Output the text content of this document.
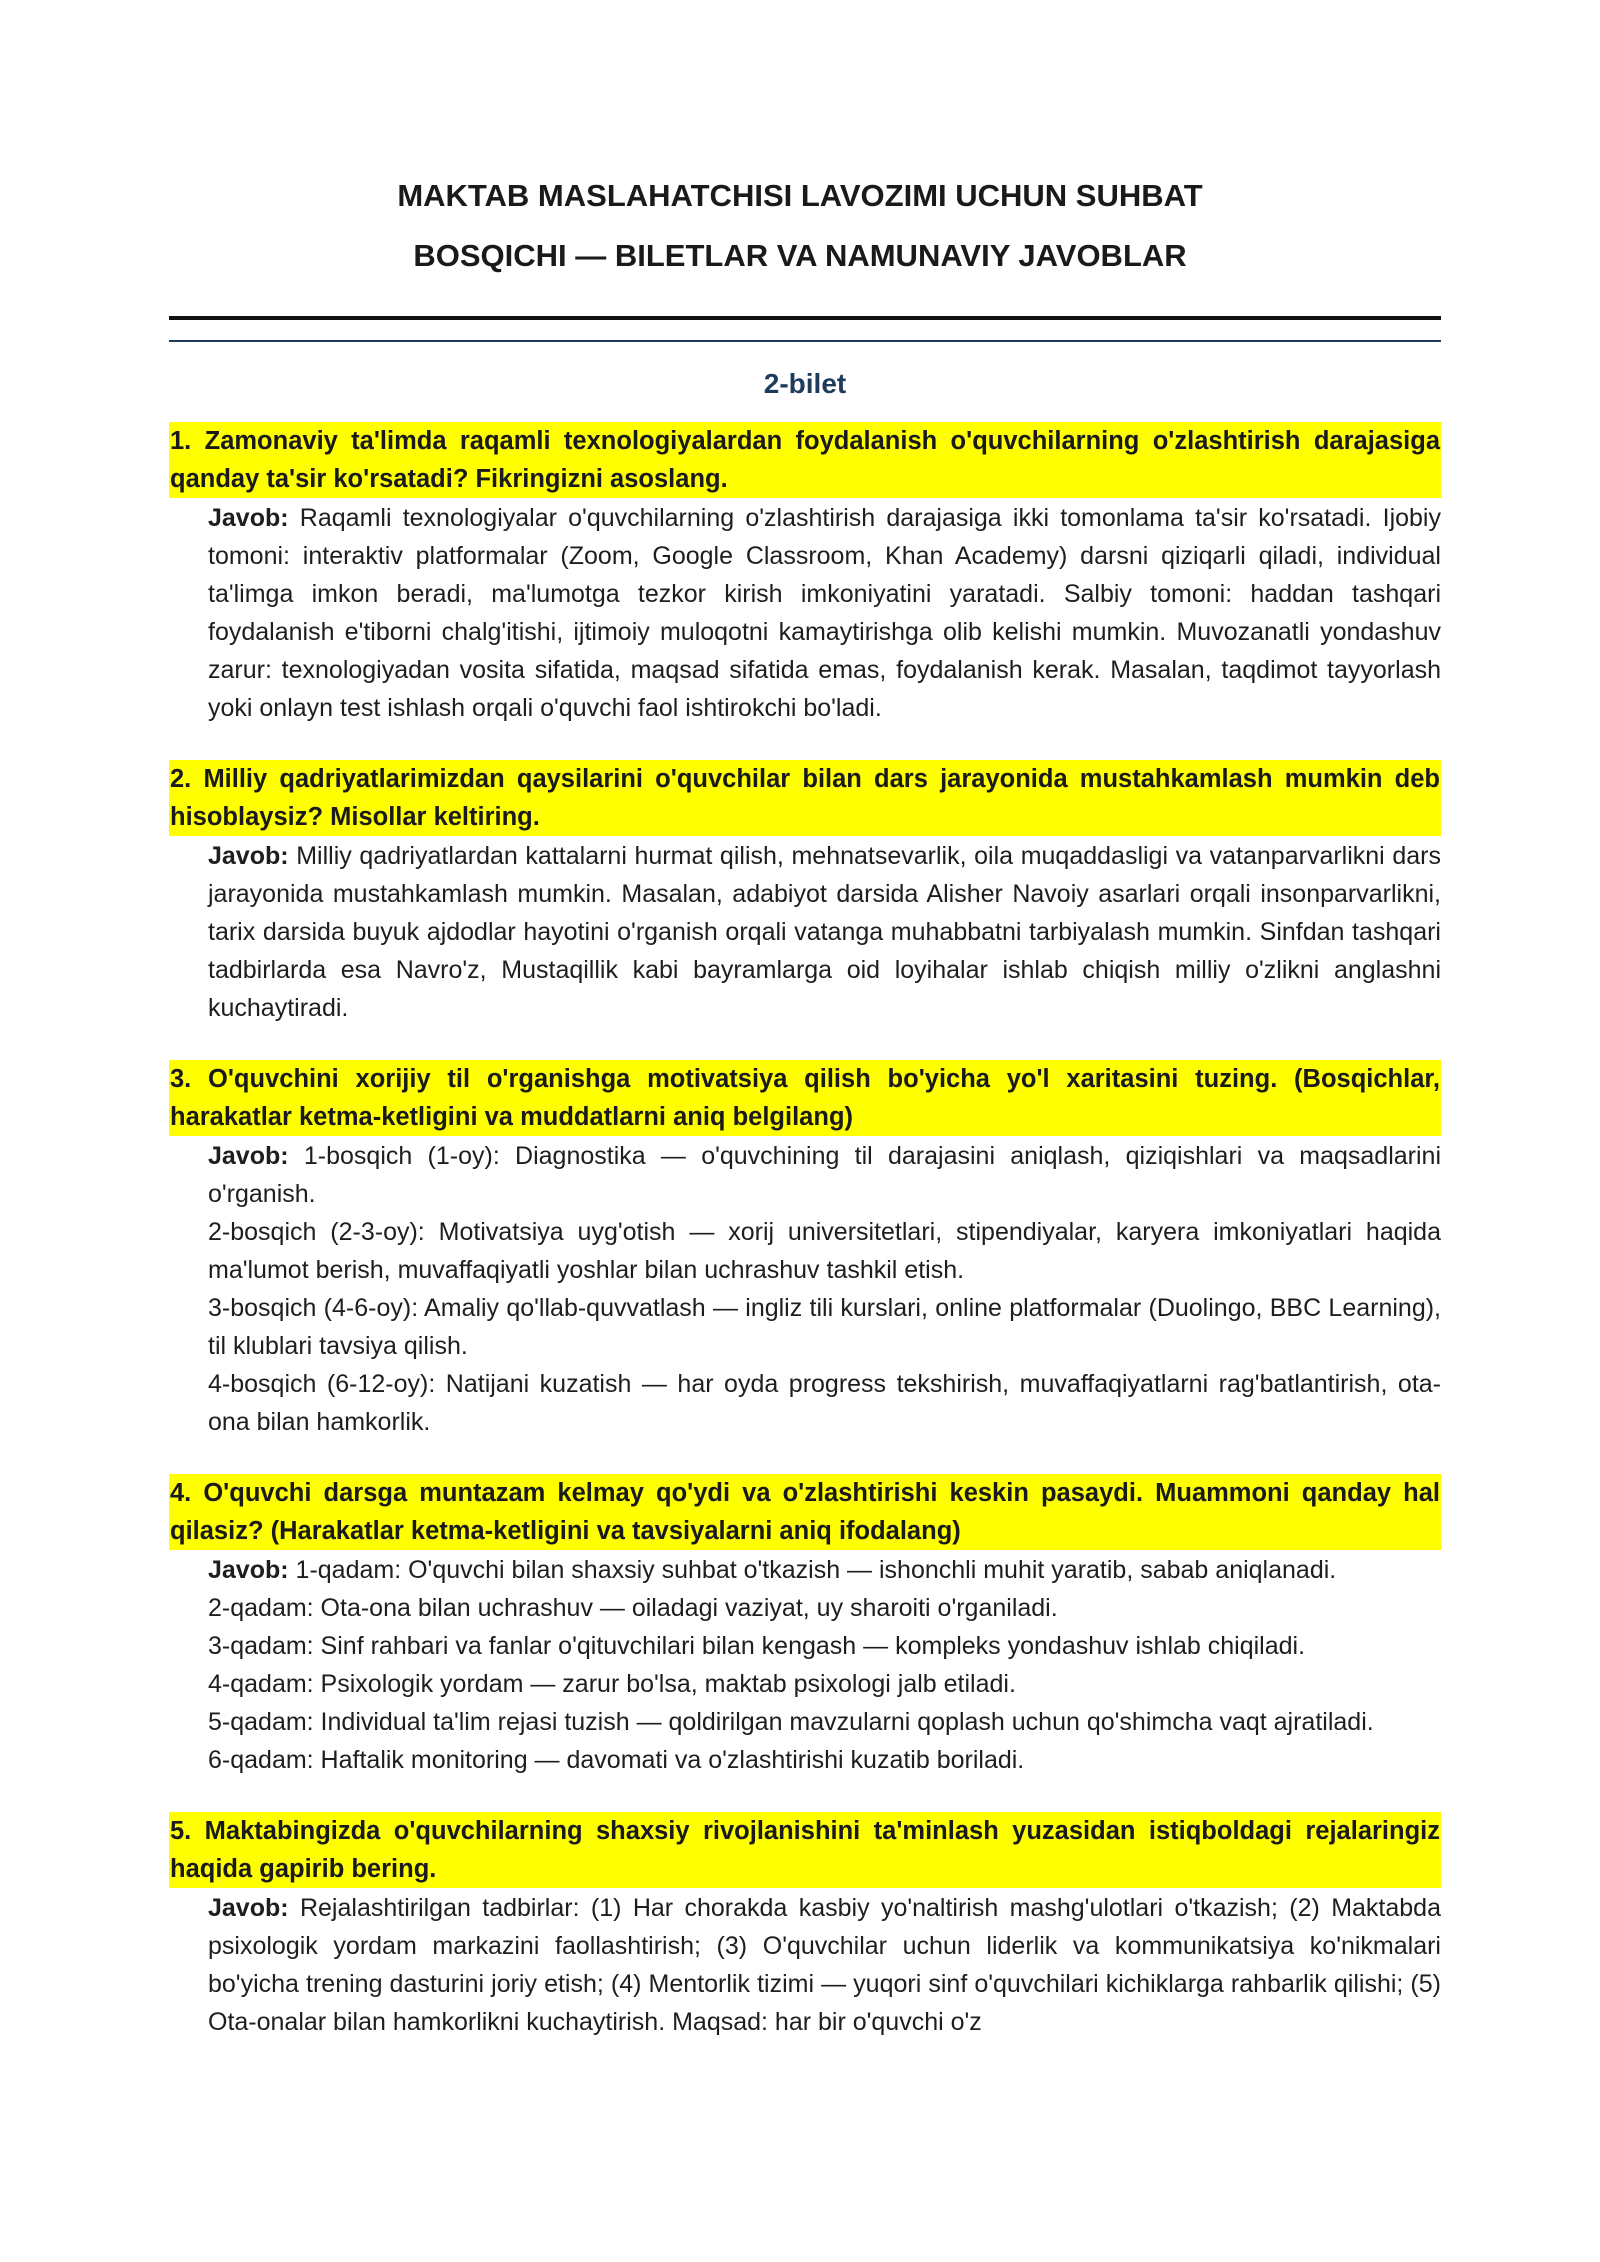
MAKTAB MASLAHATCHISI LAVOZIMI UCHUN SUHBAT
BOSQICHI — BILETLAR VA NAMUNAVIY JAVOBLAR
2-bilet
1. Zamonaviy ta'limda raqamli texnologiyalardan foydalanish o'quvchilarning o'zlashtirish darajasiga qanday ta'sir ko'rsatadi? Fikringizni asoslang.

Javob: Raqamli texnologiyalar o'quvchilarning o'zlashtirish darajasiga ikki tomonlama ta'sir ko'rsatadi. Ijobiy tomoni: interaktiv platformalar (Zoom, Google Classroom, Khan Academy) darsni qiziqarli qiladi, individual ta'limga imkon beradi, ma'lumotga tezkor kirish imkoniyatini yaratadi. Salbiy tomoni: haddan tashqari foydalanish e'tiborni chalg'itishi, ijtimoiy muloqotni kamaytirishga olib kelishi mumkin. Muvozanatli yondashuv zarur: texnologiyadan vosita sifatida, maqsad sifatida emas, foydalanish kerak. Masalan, taqdimot tayyorlash yoki onlayn test ishlash orqali o'quvchi faol ishtirokchi bo'ladi.

2. Milliy qadriyatlarimizdan qaysilarini o'quvchilar bilan dars jarayonida mustahkamlash mumkin deb hisoblaysiz? Misollar keltiring.

Javob: Milliy qadriyatlardan kattalarni hurmat qilish, mehnatsevarlik, oila muqaddasligi va vatanparvarlikni dars jarayonida mustahkamlash mumkin. Masalan, adabiyot darsida Alisher Navoiy asarlari orqali insonparvarlikni, tarix darsida buyuk ajdodlar hayotini o'rganish orqali vatanga muhabbatni tarbiyalash mumkin. Sinfdan tashqari tadbirlarda esa Navro'z, Mustaqillik kabi bayramlarga oid loyihalar ishlab chiqish milliy o'zlikni anglashni kuchaytiradi.

3. O'quvchini xorijiy til o'rganishga motivatsiya qilish bo'yicha yo'l xaritasini tuzing. (Bosqichlar, harakatlar ketma-ketligini va muddatlarni aniq belgilang)

Javob: 1-bosqich (1-oy): Diagnostika — o'quvchining til darajasini aniqlash, qiziqishlari va maqsadlarini o'rganish.

2-bosqich (2-3-oy): Motivatsiya uyg'otish — xorij universitetlari, stipendiyalar, karyera imkoniyatlari haqida ma'lumot berish, muvaffaqiyatli yoshlar bilan uchrashuv tashkil etish.

3-bosqich (4-6-oy): Amaliy qo'llab-quvvatlash — ingliz tili kurslari, online platformalar (Duolingo, BBC Learning), til klublari tavsiya qilish.

4-bosqich (6-12-oy): Natijani kuzatish — har oyda progress tekshirish, muvaffaqiyatlarni rag'batlantirish, ota-ona bilan hamkorlik.

4. O'quvchi darsga muntazam kelmay qo'ydi va o'zlashtirishi keskin pasaydi. Muammoni qanday hal qilasiz? (Harakatlar ketma-ketligini va tavsiyalarni aniq ifodalang)

Javob: 1-qadam: O'quvchi bilan shaxsiy suhbat o'tkazish — ishonchli muhit yaratib, sabab aniqlanadi.

2-qadam: Ota-ona bilan uchrashuv — oiladagi vaziyat, uy sharoiti o'rganiladi.

3-qadam: Sinf rahbari va fanlar o'qituvchilari bilan kengash — kompleks yondashuv ishlab chiqiladi.

4-qadam: Psixologik yordam — zarur bo'lsa, maktab psixologi jalb etiladi.

5-qadam: Individual ta'lim rejasi tuzish — qoldirilgan mavzularni qoplash uchun qo'shimcha vaqt ajratiladi.

6-qadam: Haftalik monitoring — davomati va o'zlashtirishi kuzatib boriladi.

5. Maktabingizda o'quvchilarning shaxsiy rivojlanishini ta'minlash yuzasidan istiqboldagi rejalaringiz haqida gapirib bering.

Javob: Rejalashtirilgan tadbirlar: (1) Har chorakda kasbiy yo'naltirish mashg'ulotlari o'tkazish; (2) Maktabda psixologik yordam markazini faollashtirish; (3) O'quvchilar uchun liderlik va kommunikatsiya ko'nikmalari bo'yicha trening dasturini joriy etish; (4) Mentorlik tizimi — yuqori sinf o'quvchilari kichiklarga rahbarlik qilishi; (5) Ota-onalar bilan hamkorlikni kuchaytirish. Maqsad: har bir o'quvchi o'z
